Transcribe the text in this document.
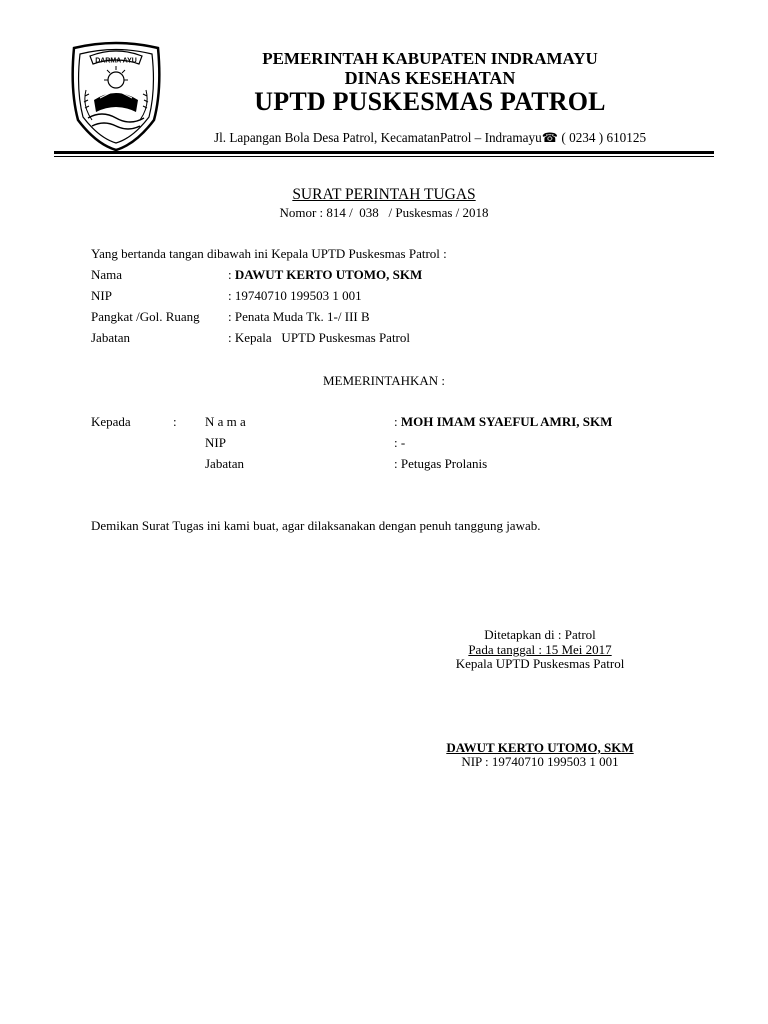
DARMA AYU	PEMERINTAH KABUPATEN INDRAMAYU
DINAS KESEHATAN
UPTD PUSKESMAS PATROL
Jl. Lapangan Bola Desa Patrol, KecamatanPatrol – Indramayu☎ ( 0234 ) 610125
SURAT PERINTAH TUGAS
Nomor : 814 /  038   / Puskesmas / 2018
Yang bertanda tangan dibawah ini Kepala UPTD Puskesmas Patrol :
Nama	: DAWUT KERTO UTOMO, SKM
NIP	: 19740710 199503 1 001
Pangkat /Gol. Ruang : Penata Muda Tk. 1-/ III B
Jabatan	: Kepala   UPTD Puskesmas Patrol
MEMERINTAHKAN :
Kepada	: N a m a	: MOH IMAM SYAEFUL AMRI, SKM
NIP	: -
Jabatan	: Petugas Prolanis
Demikan Surat Tugas ini kami buat, agar dilaksanakan dengan penuh tanggung jawab.
Ditetapkan di : Patrol
Pada tanggal : 15 Mei 2017
Kepala UPTD Puskesmas Patrol
DAWUT KERTO UTOMO, SKM
NIP : 19740710 199503 1 001
